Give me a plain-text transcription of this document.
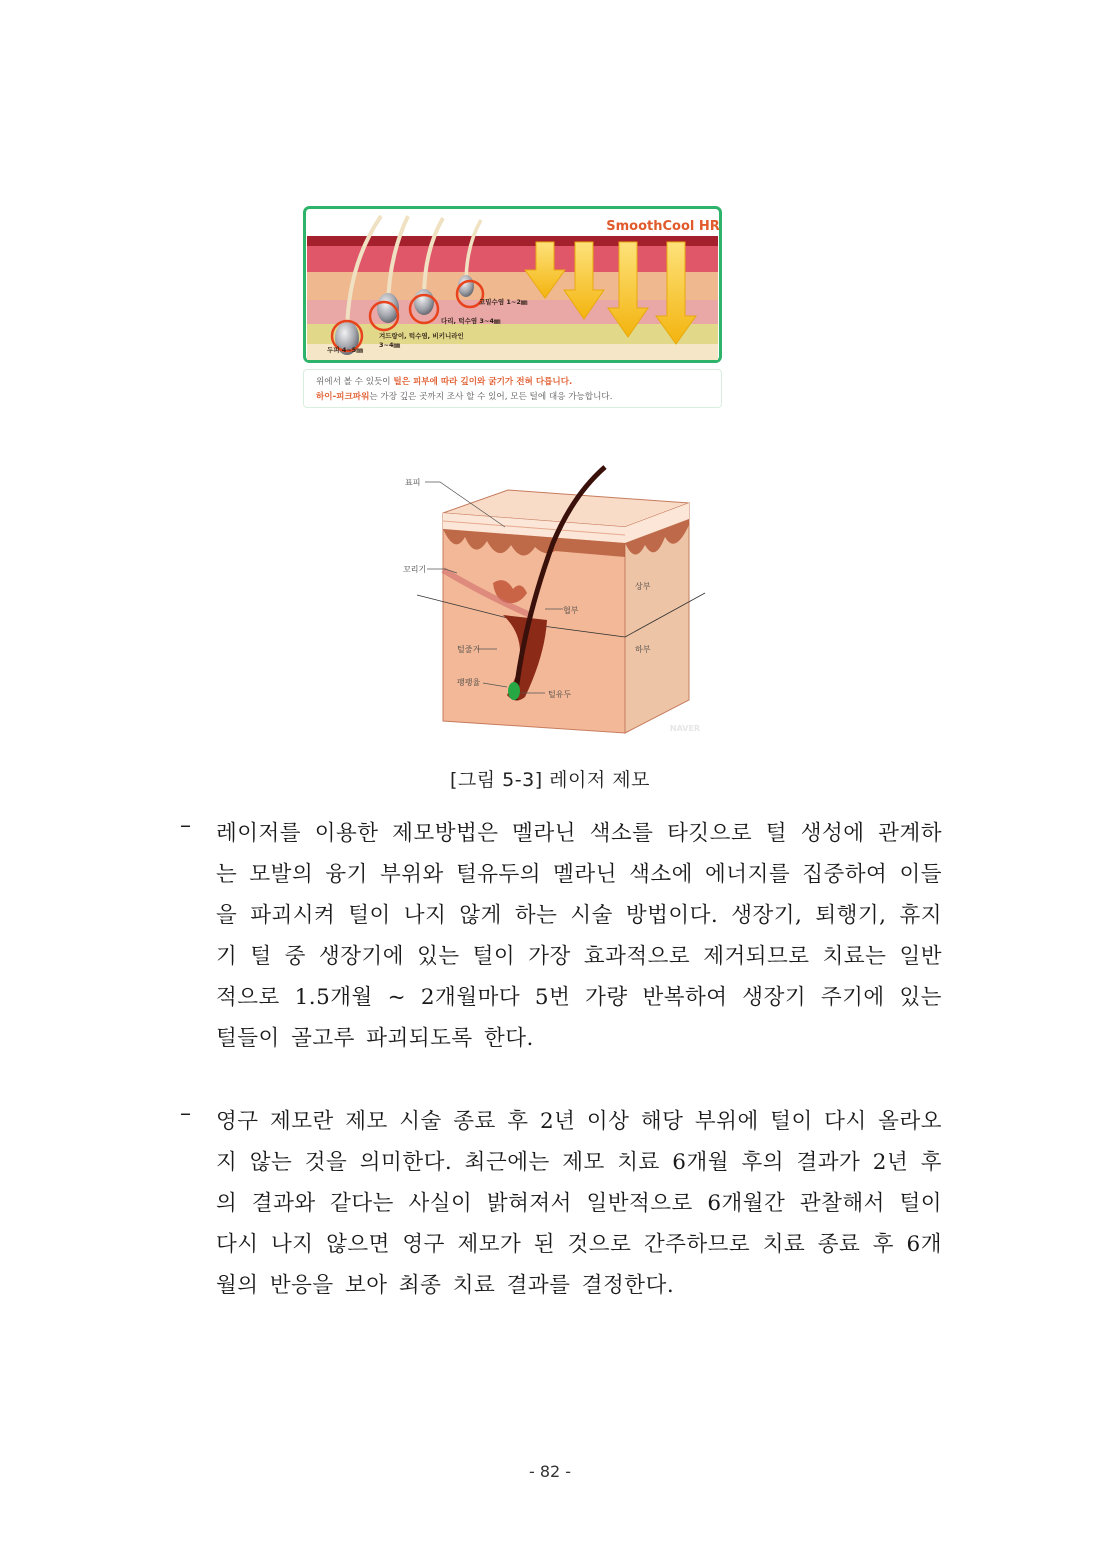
SmoothCool HR
코밑수염 1~2㎜
다리, 턱수염 3~4㎜
겨드랑이, 턱수염, 비키니라인
3~4㎜
두피 4~5㎜
위에서 볼 수 있듯이 털은 피부에 따라 깊이와 굵기가 전혀 다릅니다.
하이-피크파워는 가장 깊은 곳까지 조사 할 수 있어, 모든 털에 대응 가능합니다.
표피
꼬리기
협부
상부
하부
털줄기
팽팽율
털유두
NAVER
[그림 5-3] 레이저 제모
– 레이저를 이용한 제모방법은 멜라닌 색소를 타깃으로 털 생성에 관계하는 모발의 융기 부위와 털유두의 멜라닌 색소에 에너지를 집중하여 이들을 파괴시켜 털이 나지 않게 하는 시술 방법이다. 생장기, 퇴행기, 휴지기 털 중 생장기에 있는 털이 가장 효과적으로 제거되므로 치료는 일반적으로 1.5개월 ~ 2개월마다 5번 가량 반복하여 생장기 주기에 있는 털들이 골고루 파괴되도록 한다.
– 영구 제모란 제모 시술 종료 후 2년 이상 해당 부위에 털이 다시 올라오지 않는 것을 의미한다. 최근에는 제모 치료 6개월 후의 결과가 2년 후의 결과와 같다는 사실이 밝혀져서 일반적으로 6개월간 관찰해서 털이 다시 나지 않으면 영구 제모가 된 것으로 간주하므로 치료 종료 후 6개월의 반응을 보아 최종 치료 결과를 결정한다.
- 82 -
